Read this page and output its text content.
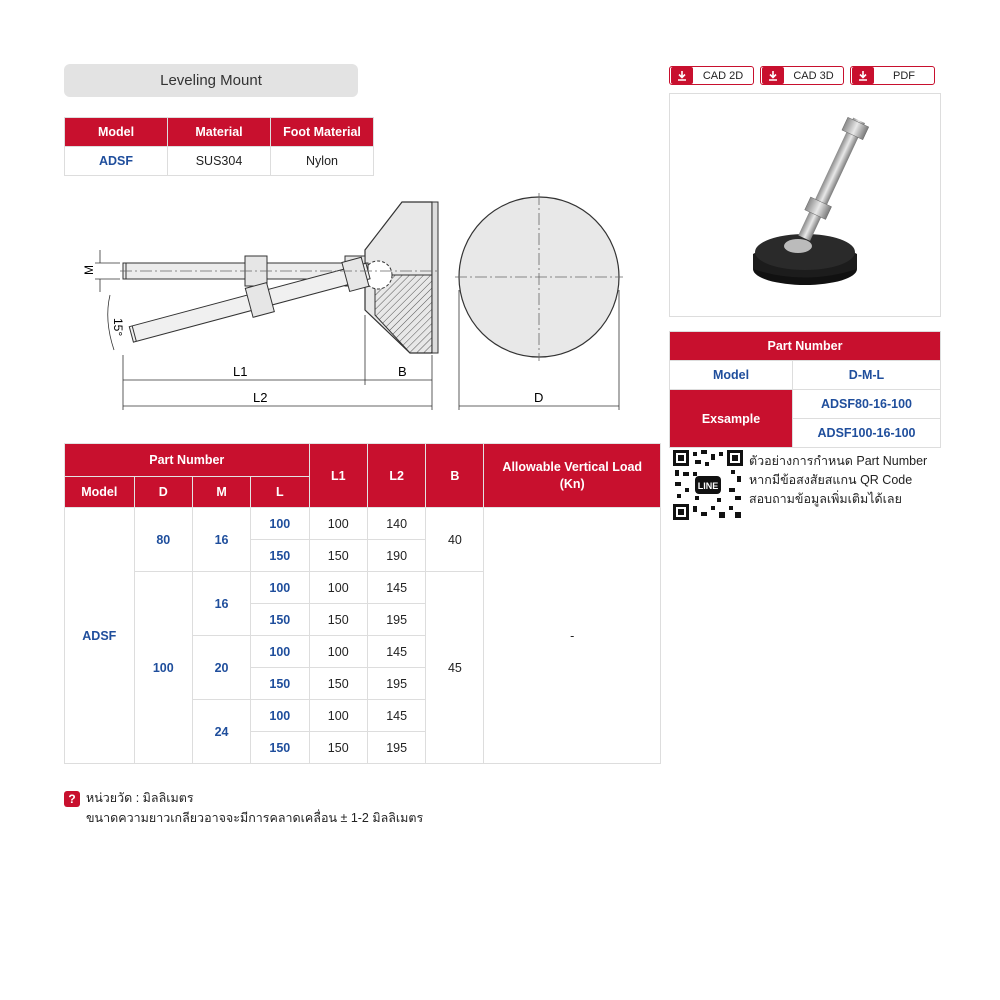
Leveling Mount
Model	Material	Foot Material
ADSF	SUS304	Nylon
M
15°
L1	B
L2	D
Part Number				L1	L2	B	Allowable Vertical Load (Kn)
Model	D	M	L				
ADSF	80	16	100	100	140	40	-
			150	150	190		
	100	16	100	100	145	45	
			150	150	195		
		20	100	100	145		
			150	150	195		
		24	100	100	145		
			150	150	195		
CAD 2D	CAD 3D	PDF
Part Number	
Model	D-M-L
Exsample	ADSF80-16-100
	ADSF100-16-100
LINE
ตัวอย่างการกำหนด Part Number
หากมีข้อสงสัยสแกน QR Code
สอบถามข้อมูลเพิ่มเติมได้เลย
? หน่วยวัด : มิลลิเมตร
ขนาดความยาวเกลียวอาจจะมีการคลาดเคลื่อน ± 1-2 มิลลิเมตร
